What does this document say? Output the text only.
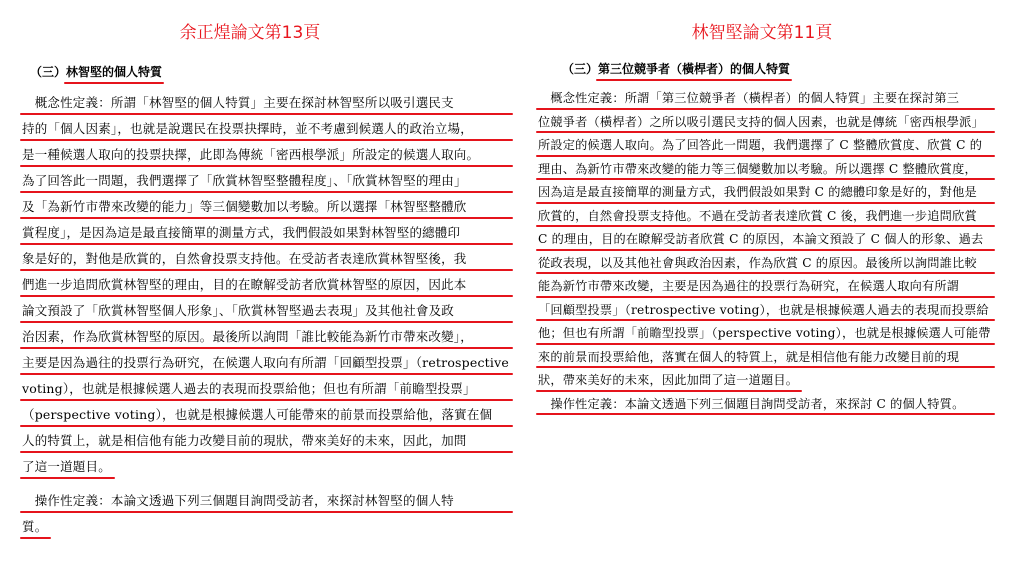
余正煌論文第13頁
（三）林智堅的個人特質
　概念性定義：所謂「林智堅的個人特質」主要在探討林智堅所以吸引選民支
持的「個人因素」，也就是說選民在投票抉擇時，並不考慮到候選人的政治立場，
是一種候選人取向的投票抉擇，此即為傳統「密西根學派」所設定的候選人取向。
為了回答此一問題，我們選擇了「欣賞林智堅整體程度」、「欣賞林智堅的理由」
及「為新竹市帶來改變的能力」等三個變數加以考驗。所以選擇「林智堅整體欣
賞程度」，是因為這是最直接簡單的測量方式，我們假設如果對林智堅的總體印
象是好的，對他是欣賞的，自然會投票支持他。在受訪者表達欣賞林智堅後，我
們進一步追問欣賞林智堅的理由，目的在瞭解受訪者欣賞林智堅的原因，因此本
論文預設了「欣賞林智堅個人形象」、「欣賞林智堅過去表現」及其他社會及政
治因素，作為欣賞林智堅的原因。最後所以詢問「誰比較能為新竹市帶來改變」，
主要是因為過往的投票行為研究，在候選人取向有所謂「回顧型投票」（retrospective
voting），也就是根據候選人過去的表現而投票給他；但也有所謂「前瞻型投票」
（perspective voting），也就是根據候選人可能帶來的前景而投票給他，落實在個
人的特質上，就是相信他有能力改變目前的現狀，帶來美好的未來，因此，加問
了這一道題目。
　操作性定義：本論文透過下列三個題目詢問受訪者，來探討林智堅的個人特
質。
林智堅論文第11頁
（三）第三位競爭者（橫桿者）的個人特質
　概念性定義：所謂「第三位競爭者（橫桿者）的個人特質」主要在探討第三
位競爭者（橫桿者）之所以吸引選民支持的個人因素，也就是傳統「密西根學派」
所設定的候選人取向。為了回答此一問題，我們選擇了 C 整體欣賞度、欣賞 C 的
理由、為新竹市帶來改變的能力等三個變數加以考驗。所以選擇 C 整體欣賞度，
因為這是最直接簡單的測量方式，我們假設如果對 C 的總體印象是好的，對他是
欣賞的，自然會投票支持他。不過在受訪者表達欣賞 C 後，我們進一步追問欣賞
C 的理由，目的在瞭解受訪者欣賞 C 的原因，本論文預設了 C 個人的形象、過去
從政表現，以及其他社會與政治因素，作為欣賞 C 的原因。最後所以詢問誰比較
能為新竹市帶來改變，主要是因為過往的投票行為研究，在候選人取向有所謂
「回顧型投票」（retrospective voting），也就是根據候選人過去的表現而投票給
他；但也有所謂「前瞻型投票」（perspective voting），也就是根據候選人可能帶
來的前景而投票給他，落實在個人的特質上，就是相信他有能力改變目前的現
狀，帶來美好的未來，因此加問了這一道題目。
　操作性定義：本論文透過下列三個題目詢問受訪者，來探討 C 的個人特質。
